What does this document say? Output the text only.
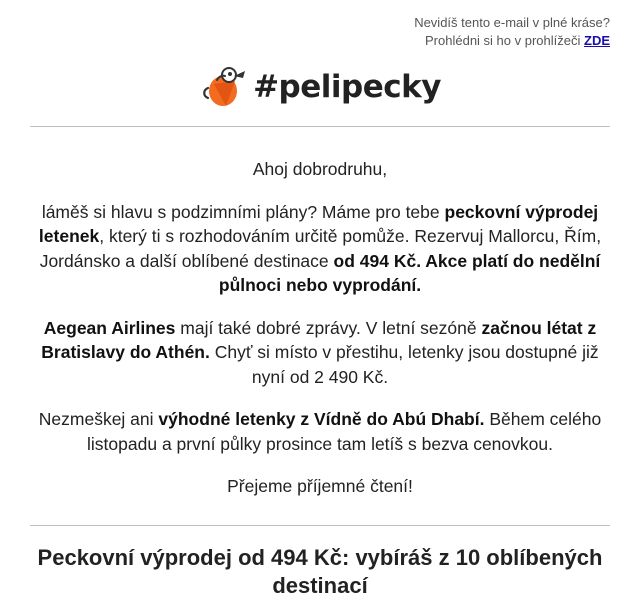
Nevidíš tento e-mail v plné kráse?
Prohlédni si ho v prohlížeči ZDE
#pelipecky

Ahoj dobrodruhu,

láměš si hlavu s podzimními plány? Máme pro tebe peckovní výprodej letenek, který ti s rozhodováním určitě pomůže. Rezervuj Mallorcu, Řím, Jordánsko a další oblíbené destinace od 494 Kč. Akce platí do nedělní půlnoci nebo vyprodání.

Aegean Airlines mají také dobré zprávy. V letní sezóně začnou létat z Bratislavy do Athén. Chyť si místo v přestihu, letenky jsou dostupné již nyní od 2 490 Kč.

Nezmeškej ani výhodné letenky z Vídně do Abú Dhabí. Během celého listopadu a první půlky prosince tam letíš s bezva cenovkou.

Přejeme příjemné čtení!

Peckovní výprodej od 494 Kč: vybíráš z 10 oblíbených destinací
